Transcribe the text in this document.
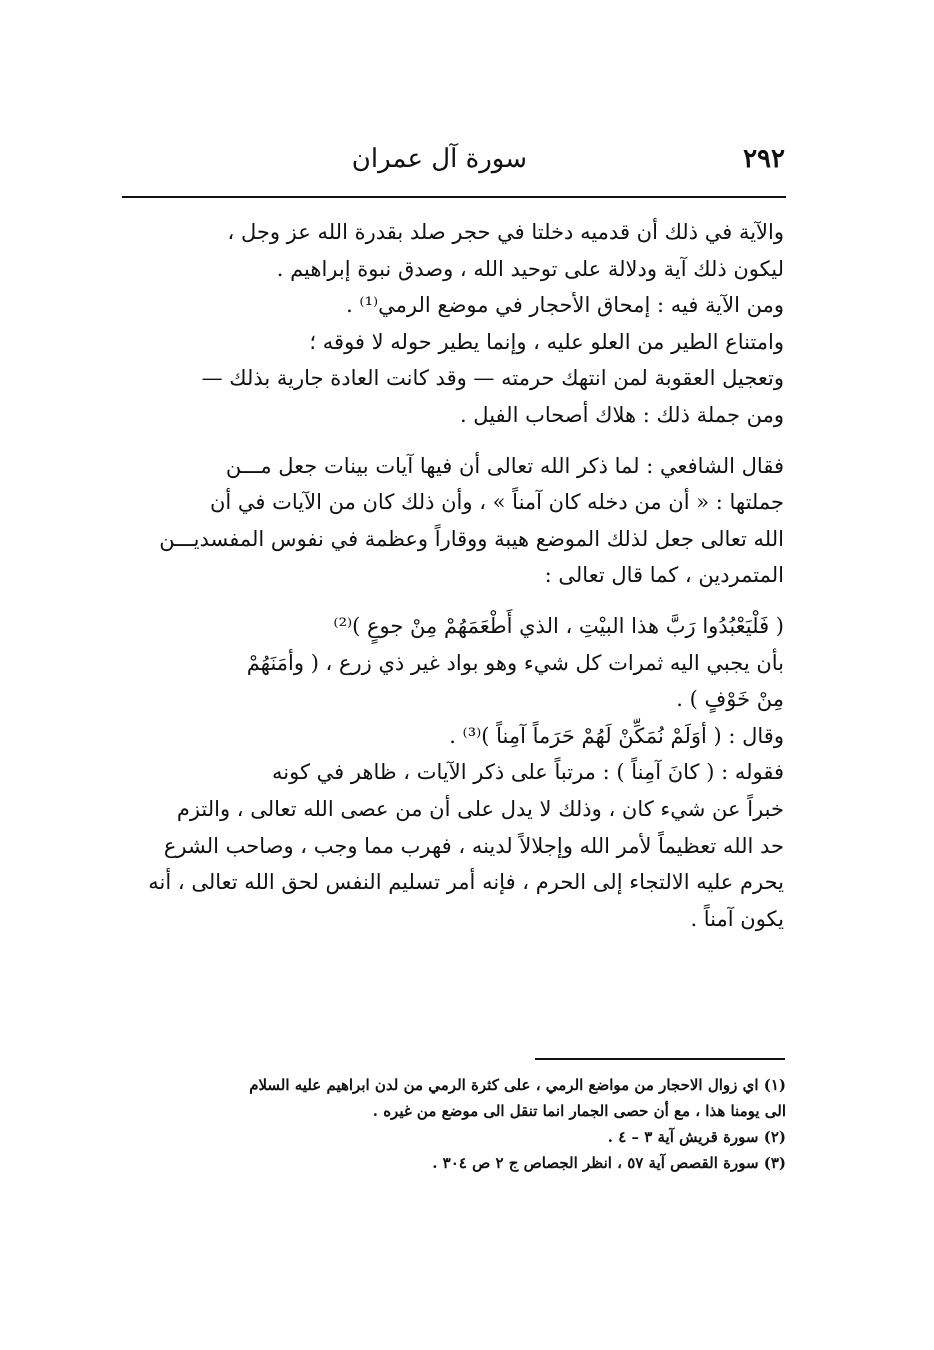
٢٩٢
سورة آل عمران
والآية في ذلك أن قدميه دخلتا في حجر صلد بقدرة الله عز وجل ،
ليكون ذلك آية ودلالة على توحيد الله ، وصدق نبوة إبراهيم .
ومن الآية فيه : إمحاق الأحجار في موضع الرمي⁽¹⁾ .
وامتناع الطير من العلو عليه ، وإنما يطير حوله لا فوقه ؛
وتعجيل العقوبة لمن انتهك حرمته — وقد كانت العادة جارية بذلك —
ومن جملة ذلك : هلاك أصحاب الفيل .
فقال الشافعي : لما ذكر الله تعالى أن فيها آيات بينات جعل مـــن
جملتها : « أن من دخله كان آمناً » ، وأن ذلك كان من الآيات في أن
الله تعالى جعل لذلك الموضع هيبة ووقاراً وعظمة في نفوس المفسديـــن
المتمردين ، كما قال تعالى :
( فَلْيَعْبُدُوا رَبَّ هذا البيْتِ ، الذي أَطْعَمَهُمْ مِنْ جوعٍ )⁽²⁾
بأن يجبي اليه ثمرات كل شيء وهو بواد غير ذي زرع ، ( وأمَنَهُمْ
مِنْ خَوْفٍ ) .
وقال : ( أوَلَمْ نُمَكِّنْ لَهُمْ حَرَماً آمِناً )⁽³⁾ .
فقوله : ( كانَ آمِناً ) : مرتباً على ذكر الآيات ، ظاهر في كونه
خبراً عن شيء كان ، وذلك لا يدل على أن من عصى الله تعالى ، والتزم
حد الله تعظيماً لأمر الله وإجلالاً لدينه ، فهرب مما وجب ، وصاحب الشرع
يحرم عليه الالتجاء إلى الحرم ، فإنه أمر تسليم النفس لحق الله تعالى ، أنه
يكون آمناً .
(١) اي زوال الاحجار من مواضع الرمي ، على كثرة الرمي من لدن ابراهيم عليه السلام
الى يومنا هذا ، مع أن حصى الجمار انما تنقل الى موضع من غيره .
(٢) سورة قريش آية ٣ – ٤ .
(٣) سورة القصص آية ٥٧ ، انظر الجصاص ج ٢ ص ٣٠٤ .
